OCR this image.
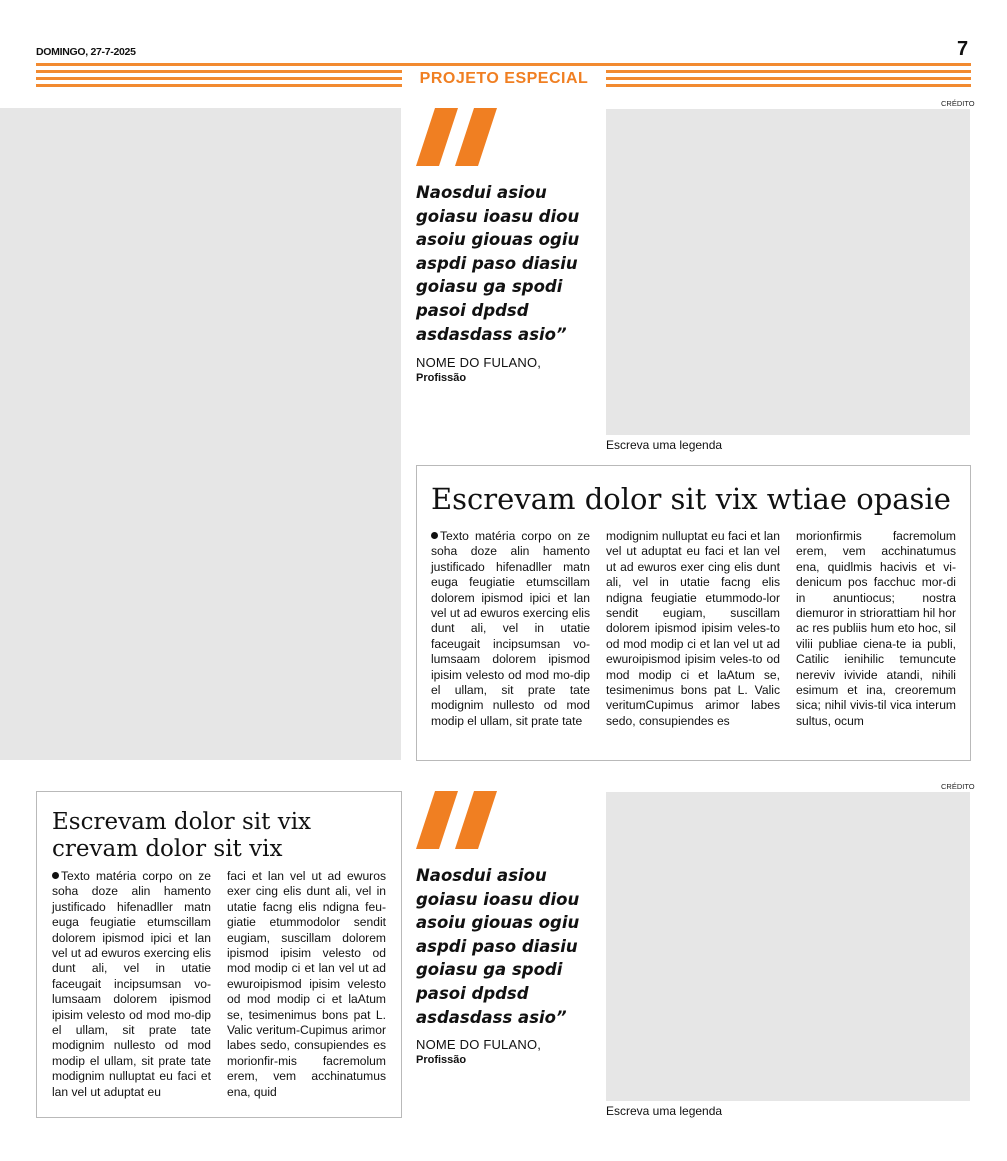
DOMINGO, 27-7-2025	7
PROJETO ESPECIAL
Naosdui asiou goiasu ioasu diou asoiu giouas ogiu aspdi paso diasiu goiasu ga spodi pasoi dpdsd asdasdass asio”
NOME DO FULANO,
Profissão
CRÉDITO
Escreva uma legenda
Escrevam dolor sit vix wtiae opasie
Texto matéria corpo on ze soha doze alin hamento justificado hifenadller matn euga feugiatie etumscillam dolorem ipismod ipici et lan vel ut ad ewuros exercing elis dunt ali, vel in utatie faceugait incipsumsan vo-lumsaam dolorem ipismod ipisim velesto od mod mo-dip el ullam, sit prate tate modignim nullesto od mod modip el ullam, sit prate tate
modignim nulluptat eu faci et lan vel ut aduptat eu faci et lan vel ut ad ewuros exer cing elis dunt ali, vel in utatie facng elis ndigna feugiatie etummodo-lor sendit eugiam, suscillam dolorem ipismod ipisim veles-to od mod modip ci et lan vel ut ad ewuroipismod ipisim veles-to od mod modip ci et laAtum se, tesimenimus bons pat L. Valic veritumCupimus arimor labes sedo, consupiendes es
morionfirmis facremolum erem, vem acchinatumus ena, quidlmis hacivis et vi-denicum pos facchuc mor-di in anuntiocus; nostra diemuror in striorattiam hil hor ac res publiis hum eto hoc, sil vilii publiae ciena-te ia publi, Catilic ienihilic temuncute nereviv ivivide atandi, nihili esimum et ina, creoremum sica; nihil vivis-til vica interum sultus, ocum
Escrevam dolor sit vix crevam dolor sit vix
Texto matéria corpo on ze soha doze alin hamento justificado hifenadller matn euga feugiatie etumscillam dolorem ipismod ipici et lan vel ut ad ewuros exercing elis dunt ali, vel in utatie faceugait incipsumsan vo-lumsaam dolorem ipismod ipisim velesto od mod mo-dip el ullam, sit prate tate modignim nullesto od mod modip el ullam, sit prate tate modignim nulluptat eu faci et lan vel ut aduptat eu
faci et lan vel ut ad ewuros exer cing elis dunt ali, vel in utatie facng elis ndigna feu-giatie etummodolor sendit eugiam, suscillam dolorem ipismod ipisim velesto od mod modip ci et lan vel ut ad ewuroipismod ipisim velesto od mod modip ci et laAtum se, tesimenimus bons pat L. Valic veritum-Cupimus arimor labes sedo, consupiendes es morionfir-mis facremolum erem, vem acchinatumus ena, quid
Naosdui asiou goiasu ioasu diou asoiu giouas ogiu aspdi paso diasiu goiasu ga spodi pasoi dpdsd asdasdass asio”
NOME DO FULANO,
Profissão
CRÉDITO
Escreva uma legenda
